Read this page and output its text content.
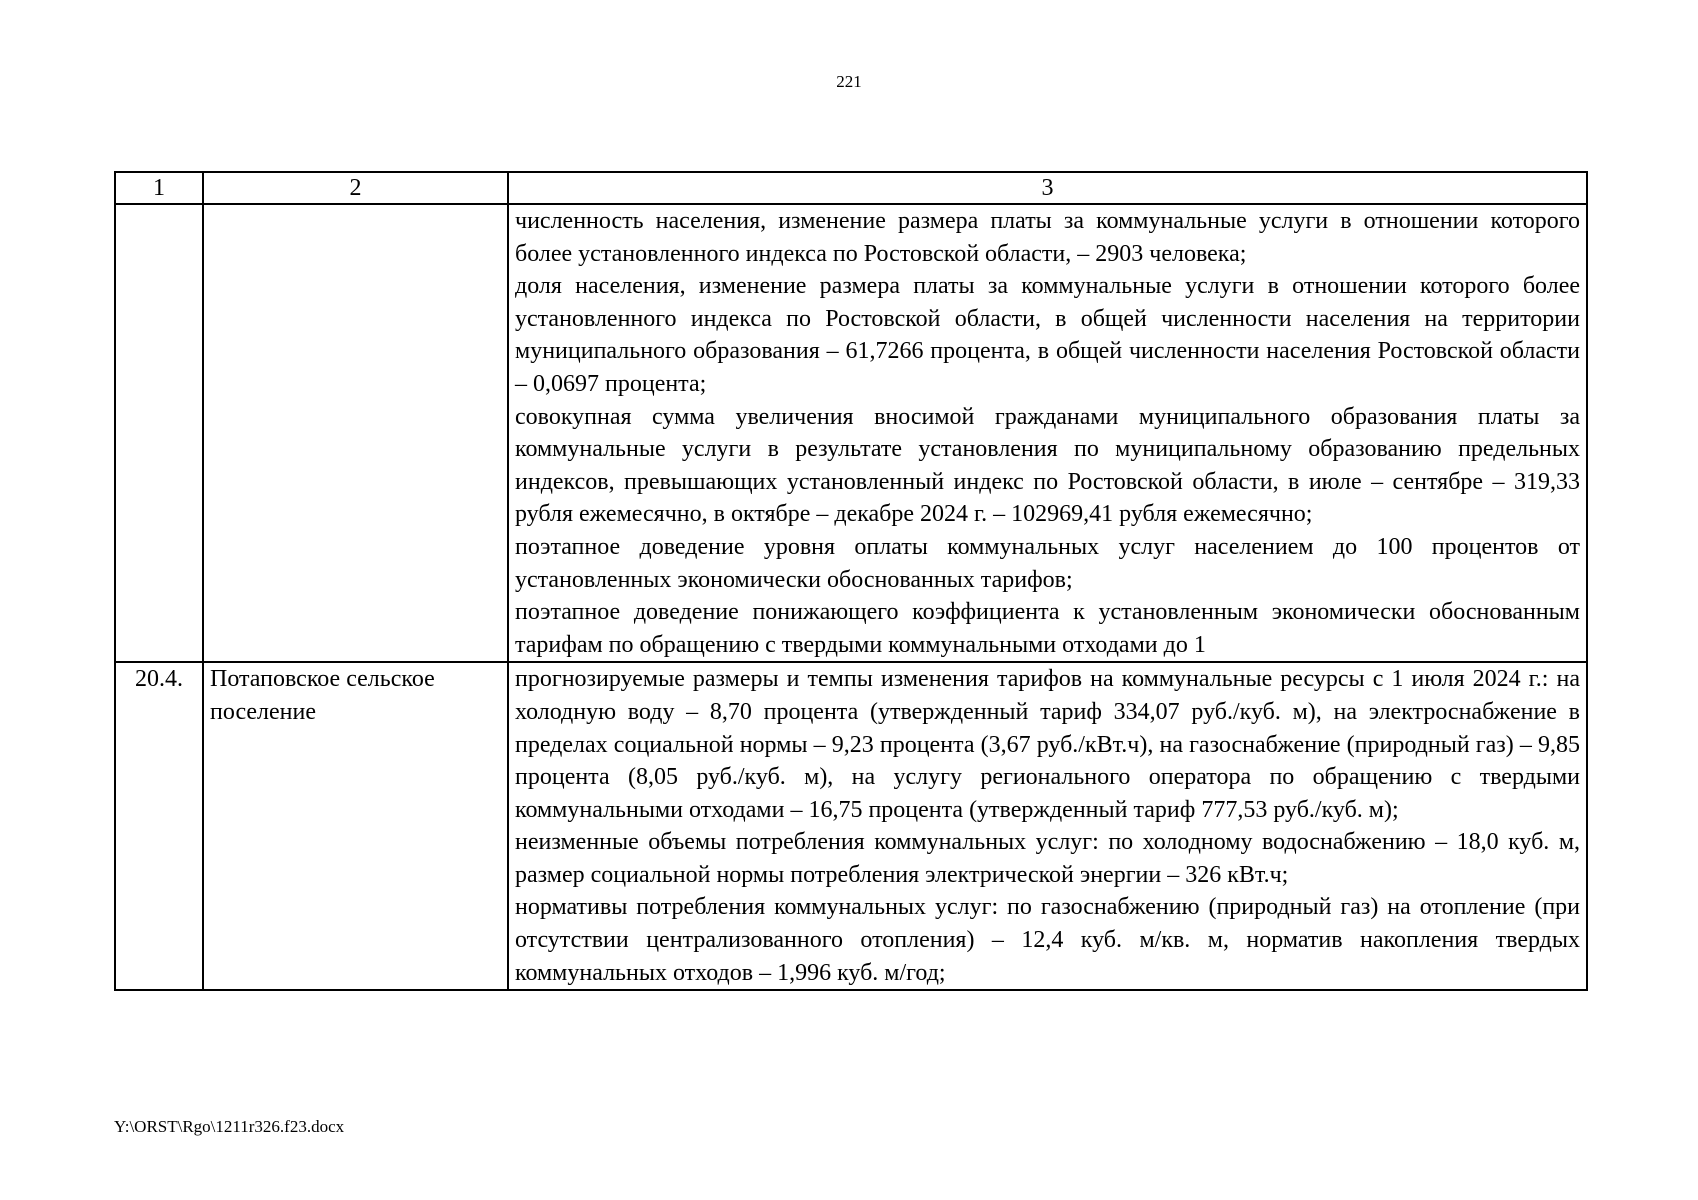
221
1	2	3

		численность населения, изменение размера платы за коммунальные услуги в отношении которого более установленного индекса по Ростовской области, – 2903 человека;

доля населения, изменение размера платы за коммунальные услуги в отношении которого более установленного индекса по Ростовской области, в общей численности населения на территории муниципального образования – 61,7266 процента, в общей численности населения Ростовской области – 0,0697 процента;

совокупная сумма увеличения вносимой гражданами муниципального образования платы за коммунальные услуги в результате установления по муниципальному образованию предельных индексов, превышающих установленный индекс по Ростовской области, в июле – сентябре – 319,33 рубля ежемесячно, в октябре – декабре 2024 г. – 102969,41 рубля ежемесячно;

поэтапное доведение уровня оплаты коммунальных услуг населением до 100 процентов от установленных экономически обоснованных тарифов;

поэтапное доведение понижающего коэффициента к установленным экономически обоснованным тарифам по обращению с твердыми коммунальными отходами до 1

20.4.	Потаповское сельское поселение	прогнозируемые размеры и темпы изменения тарифов на коммунальные ресурсы с 1 июля 2024 г.: на холодную воду – 8,70 процента (утвержденный тариф 334,07 руб./куб. м), на электроснабжение в пределах социальной нормы – 9,23 процента (3,67 руб./кВт.ч), на газоснабжение (природный газ) – 9,85 процента (8,05 руб./куб. м), на услугу регионального оператора по обращению с твердыми коммунальными отходами – 16,75 процента (утвержденный тариф 777,53 руб./куб. м);

неизменные объемы потребления коммунальных услуг: по холодному водоснабжению – 18,0 куб. м, размер социальной нормы потребления электрической энергии – 326 кВт.ч;

нормативы потребления коммунальных услуг: по газоснабжению (природный газ) на отопление (при отсутствии централизованного отопления) – 12,4 куб. м/кв. м, норматив накопления твердых коммунальных отходов – 1,996 куб. м/год;

Y:\ORST\Rgo\1211r326.f23.docx
